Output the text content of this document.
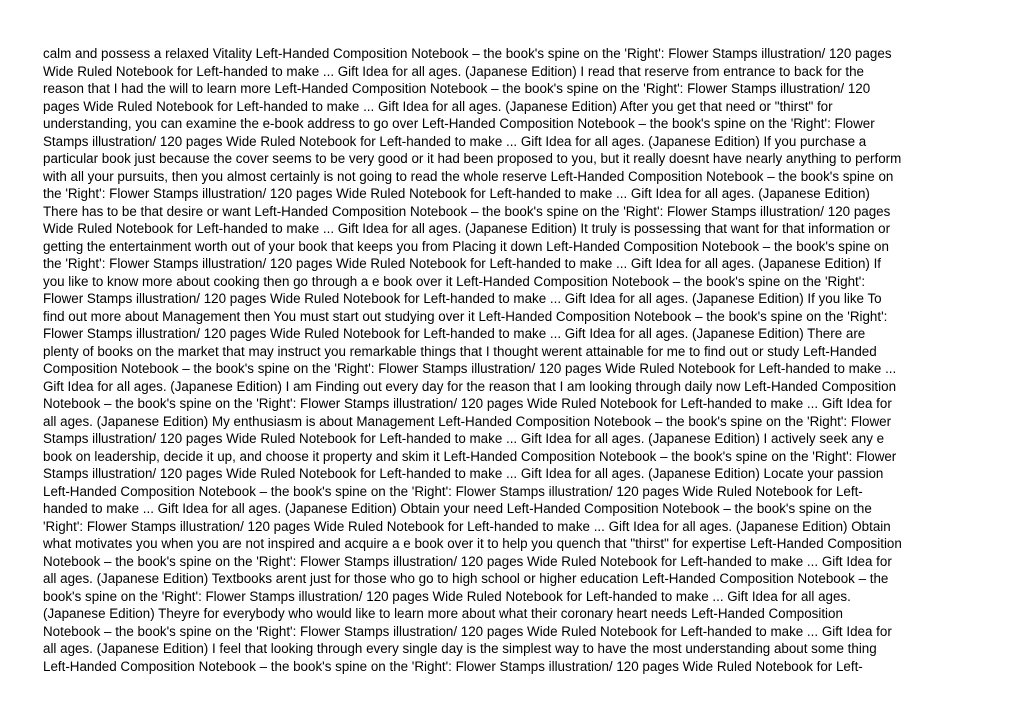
calm and possess a relaxed Vitality Left-Handed Composition Notebook – the book's spine on the 'Right': Flower Stamps illustration/ 120 pages
Wide Ruled Notebook for Left-handed to make ... Gift Idea for all ages. (Japanese Edition) I read that reserve from entrance to back for the
reason that I had the will to learn more Left-Handed Composition Notebook – the book's spine on the 'Right': Flower Stamps illustration/ 120
pages Wide Ruled Notebook for Left-handed to make ... Gift Idea for all ages. (Japanese Edition) After you get that need or "thirst" for
understanding, you can examine the e-book address to go over Left-Handed Composition Notebook – the book's spine on the 'Right': Flower
Stamps illustration/ 120 pages Wide Ruled Notebook for Left-handed to make ... Gift Idea for all ages. (Japanese Edition) If you purchase a
particular book just because the cover seems to be very good or it had been proposed to you, but it really doesnt have nearly anything to perform
with all your pursuits, then you almost certainly is not going to read the whole reserve Left-Handed Composition Notebook – the book's spine on
the 'Right': Flower Stamps illustration/ 120 pages Wide Ruled Notebook for Left-handed to make ... Gift Idea for all ages. (Japanese Edition)
There has to be that desire or want Left-Handed Composition Notebook – the book's spine on the 'Right': Flower Stamps illustration/ 120 pages
Wide Ruled Notebook for Left-handed to make ... Gift Idea for all ages. (Japanese Edition) It truly is possessing that want for that information or
getting the entertainment worth out of your book that keeps you from Placing it down Left-Handed Composition Notebook – the book's spine on
the 'Right': Flower Stamps illustration/ 120 pages Wide Ruled Notebook for Left-handed to make ... Gift Idea for all ages. (Japanese Edition) If
you like to know more about cooking then go through a e book over it Left-Handed Composition Notebook – the book's spine on the 'Right':
Flower Stamps illustration/ 120 pages Wide Ruled Notebook for Left-handed to make ... Gift Idea for all ages. (Japanese Edition) If you like To
find out more about Management then You must start out studying over it Left-Handed Composition Notebook – the book's spine on the 'Right':
Flower Stamps illustration/ 120 pages Wide Ruled Notebook for Left-handed to make ... Gift Idea for all ages. (Japanese Edition) There are
plenty of books on the market that may instruct you remarkable things that I thought werent attainable for me to find out or study Left-Handed
Composition Notebook – the book's spine on the 'Right': Flower Stamps illustration/ 120 pages Wide Ruled Notebook for Left-handed to make ...
Gift Idea for all ages. (Japanese Edition) I am Finding out every day for the reason that I am looking through daily now Left-Handed Composition
Notebook – the book's spine on the 'Right': Flower Stamps illustration/ 120 pages Wide Ruled Notebook for Left-handed to make ... Gift Idea for
all ages. (Japanese Edition) My enthusiasm is about Management Left-Handed Composition Notebook – the book's spine on the 'Right': Flower
Stamps illustration/ 120 pages Wide Ruled Notebook for Left-handed to make ... Gift Idea for all ages. (Japanese Edition) I actively seek any e
book on leadership, decide it up, and choose it property and skim it Left-Handed Composition Notebook – the book's spine on the 'Right': Flower
Stamps illustration/ 120 pages Wide Ruled Notebook for Left-handed to make ... Gift Idea for all ages. (Japanese Edition) Locate your passion
Left-Handed Composition Notebook – the book's spine on the 'Right': Flower Stamps illustration/ 120 pages Wide Ruled Notebook for Left-
handed to make ... Gift Idea for all ages. (Japanese Edition) Obtain your need Left-Handed Composition Notebook – the book's spine on the
'Right': Flower Stamps illustration/ 120 pages Wide Ruled Notebook for Left-handed to make ... Gift Idea for all ages. (Japanese Edition) Obtain
what motivates you when you are not inspired and acquire a e book over it to help you quench that "thirst" for expertise Left-Handed Composition
Notebook – the book's spine on the 'Right': Flower Stamps illustration/ 120 pages Wide Ruled Notebook for Left-handed to make ... Gift Idea for
all ages. (Japanese Edition) Textbooks arent just for those who go to high school or higher education Left-Handed Composition Notebook – the
book's spine on the 'Right': Flower Stamps illustration/ 120 pages Wide Ruled Notebook for Left-handed to make ... Gift Idea for all ages.
(Japanese Edition) Theyre for everybody who would like to learn more about what their coronary heart needs Left-Handed Composition
Notebook – the book's spine on the 'Right': Flower Stamps illustration/ 120 pages Wide Ruled Notebook for Left-handed to make ... Gift Idea for
all ages. (Japanese Edition) I feel that looking through every single day is the simplest way to have the most understanding about some thing
Left-Handed Composition Notebook – the book's spine on the 'Right': Flower Stamps illustration/ 120 pages Wide Ruled Notebook for Left-
